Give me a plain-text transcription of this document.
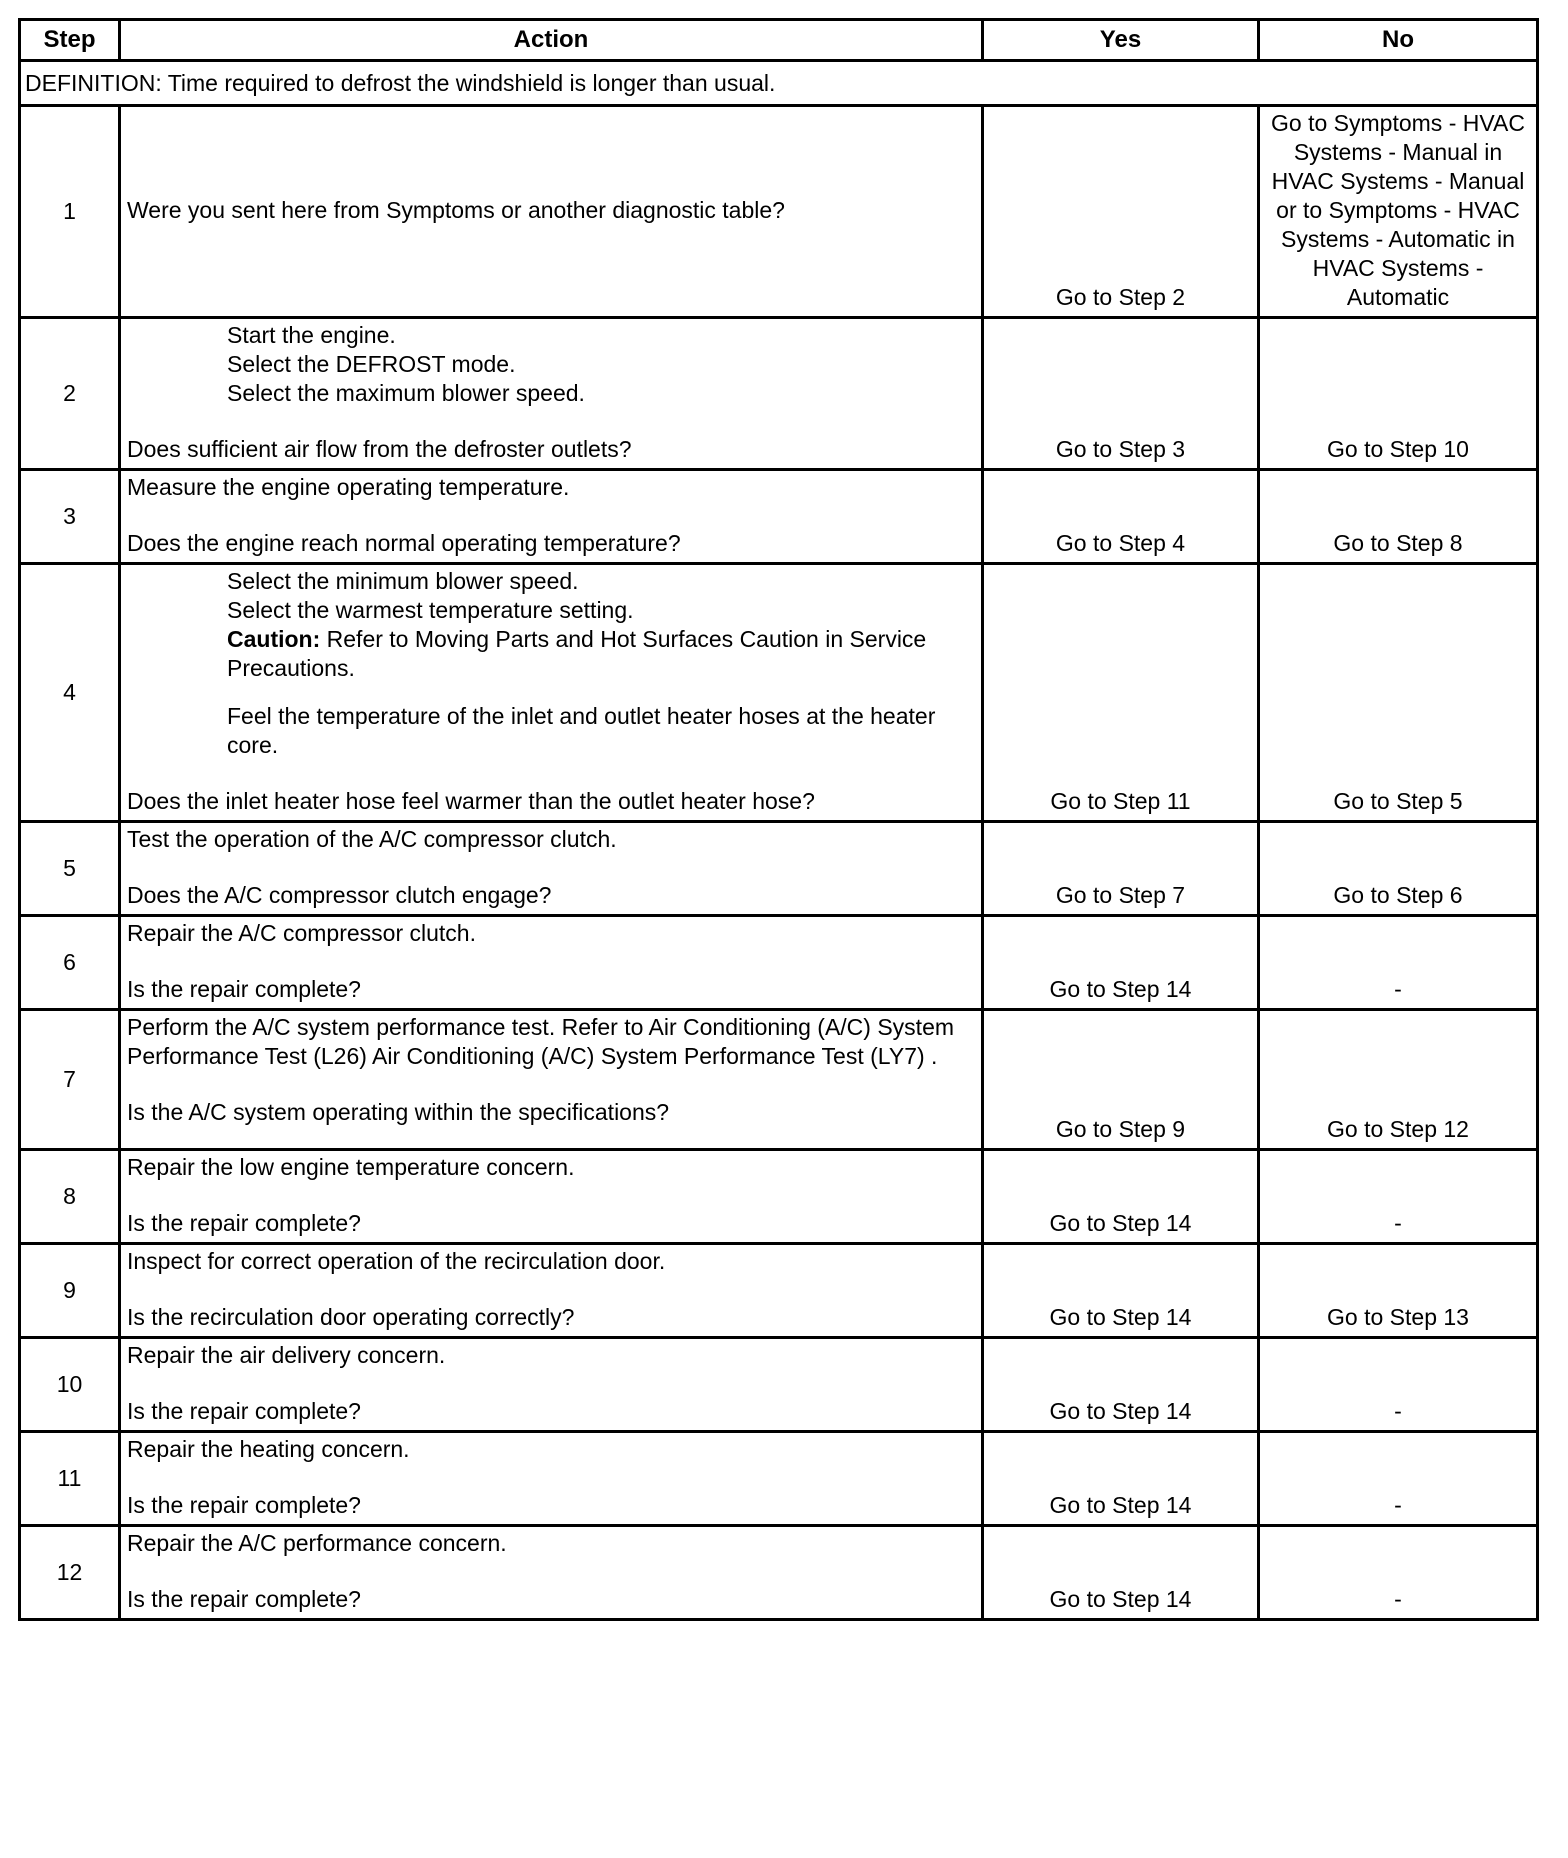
Step	Action	Yes	No
DEFINITION: Time required to defrost the windshield is longer than usual.			
1	Were you sent here from Symptoms or another diagnostic table?	Go to Step 2	Go to Symptoms - HVAC Systems - Manual in HVAC Systems - Manual or to Symptoms - HVAC Systems - Automatic in HVAC Systems - Automatic
2	Start the engine.
Select the DEFROST mode.
Select the maximum blower speed.
Does sufficient air flow from the defroster outlets?	Go to Step 3	Go to Step 10
3	Measure the engine operating temperature.
Does the engine reach normal operating temperature?	Go to Step 4	Go to Step 8
4	Select the minimum blower speed.
Select the warmest temperature setting.
Caution: Refer to Moving Parts and Hot Surfaces Caution in Service Precautions.
Feel the temperature of the inlet and outlet heater hoses at the heater core.
Does the inlet heater hose feel warmer than the outlet heater hose?	Go to Step 11	Go to Step 5
5	Test the operation of the A/C compressor clutch.
Does the A/C compressor clutch engage?	Go to Step 7	Go to Step 6
6	Repair the A/C compressor clutch.
Is the repair complete?	Go to Step 14	-
7	Perform the A/C system performance test. Refer to Air Conditioning (A/C) System Performance Test (L26) Air Conditioning (A/C) System Performance Test (LY7) .
Is the A/C system operating within the specifications?	Go to Step 9	Go to Step 12
8	Repair the low engine temperature concern.
Is the repair complete?	Go to Step 14	-
9	Inspect for correct operation of the recirculation door.
Is the recirculation door operating correctly?	Go to Step 14	Go to Step 13
10	Repair the air delivery concern.
Is the repair complete?	Go to Step 14	-
11	Repair the heating concern.
Is the repair complete?	Go to Step 14	-
12	Repair the A/C performance concern.
Is the repair complete?	Go to Step 14	-
